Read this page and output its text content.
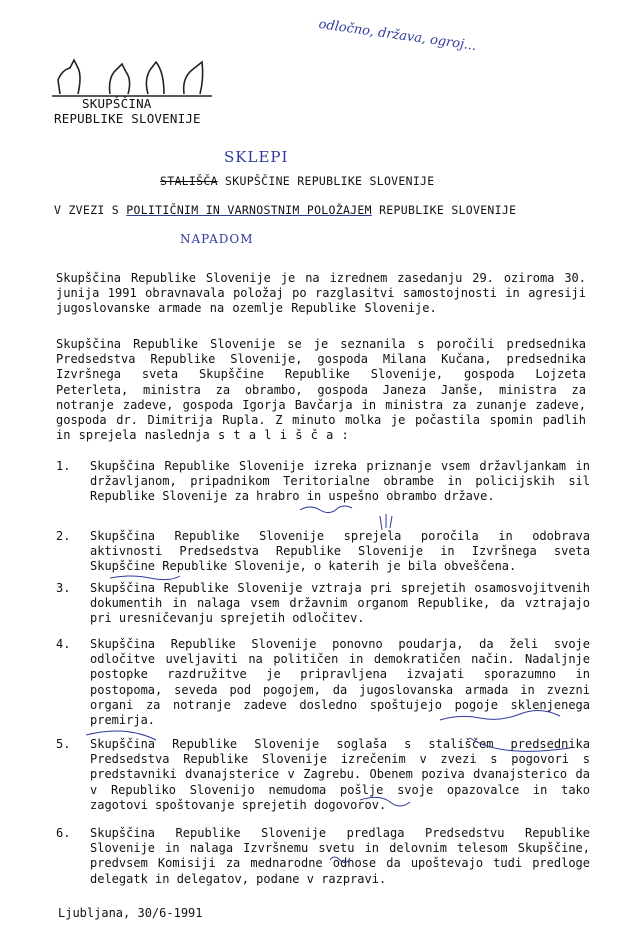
odločno, država, ogroj...
SKUPŠČINA
REPUBLIKE SLOVENIJE
SKLEPI
STALIŠČA SKUPŠČINE REPUBLIKE SLOVENIJE
V ZVEZI S POLITIČNIM IN VARNOSTNIM POLOŽAJEM REPUBLIKE SLOVENIJE
NAPADOM
Skupščina Republike Slovenije je na izrednem zasedanju 29. oziroma 30. junija 1991 obravnavala položaj po razglasitvi samostojnosti in agresiji jugoslovanske armade na ozemlje Republike Slovenije.
Skupščina Republike Slovenije se je seznanila s poročili predsednika Predsedstva Republike Slovenije, gospoda Milana Kučana, predsednika Izvršnega sveta Skupščine Republike Slovenije, gospoda Lojzeta Peterleta, ministra za obrambo, gospoda Janeza Janše, ministra za notranje zadeve, gospoda Igorja Bavčarja in ministra za zunanje zadeve, gospoda dr. Dimitrija Rupla. Z minuto molka je počastila spomin padlih in sprejela naslednja s t a l i š č a :
1.	Skupščina Republike Slovenije izreka priznanje vsem državljankam in državljanom, pripadnikom Teritorialne obrambe in policijskih sil Republike Slovenije za hrabro in uspešno obrambo države.
2.	Skupščina Republike Slovenije sprejela poročila in odobrava aktivnosti Predsedstva Republike Slovenije in Izvršnega sveta Skupščine Republike Slovenije, o katerih je bila obveščena.
3.	Skupščina Republike Slovenije vztraja pri sprejetih osamosvojitvenih dokumentih in nalaga vsem državnim organom Republike, da vztrajajo pri uresničevanju sprejetih odločitev.
4.	Skupščina Republike Slovenije ponovno poudarja, da želi svoje odločitve uveljaviti na političen in demokratičen način. Nadaljnje postopke razdružitve je pripravljena izvajati sporazumno in postopoma, seveda pod pogojem, da jugoslovanska armada in zvezni organi za notranje zadeve dosledno spoštujejo pogoje sklenjenega premirja.
5.	Skupščina Republike Slovenije soglaša s stališčem predsednika Predsedstva Republike Slovenije izrečenim v zvezi s pogovori s predstavniki dvanajsterice v Zagrebu. Obenem poziva dvanajsterico da v Republiko Slovenijo nemudoma pošlje svoje opazovalce in tako zagotovi spoštovanje sprejetih dogovorov.
6.	Skupščina Republike Slovenije predlaga Predsedstvu Republike Slovenije in nalaga Izvršnemu svetu in delovnim telesom Skupščine, predvsem Komisiji za mednarodne odnose da upoštevajo tudi predloge delegatk in delegatov, podane v razpravi.
Ljubljana, 30/6-1991
